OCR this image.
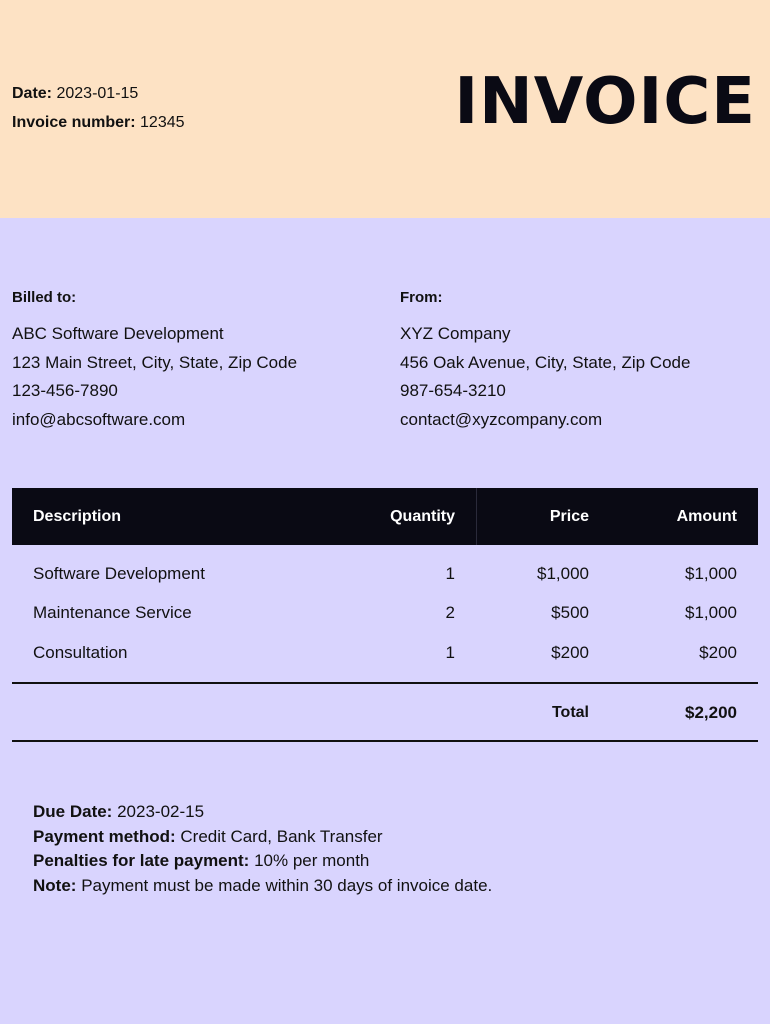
Date: 2023-01-15
Invoice number: 12345	INVOICE
Billed to:
ABC Software Development
123 Main Street, City, State, Zip Code
123-456-7890
info@abcsoftware.com
From:
XYZ Company
456 Oak Avenue, City, State, Zip Code
987-654-3210
contact@xyzcompany.com
Description	Quantity	Price	Amount
Software Development	1	$1,000	$1,000
Maintenance Service	2	$500	$1,000
Consultation	1	$200	$200
Total	$2,200
Due Date: 2023-02-15
Payment method: Credit Card, Bank Transfer
Penalties for late payment: 10% per month
Note: Payment must be made within 30 days of invoice date.
